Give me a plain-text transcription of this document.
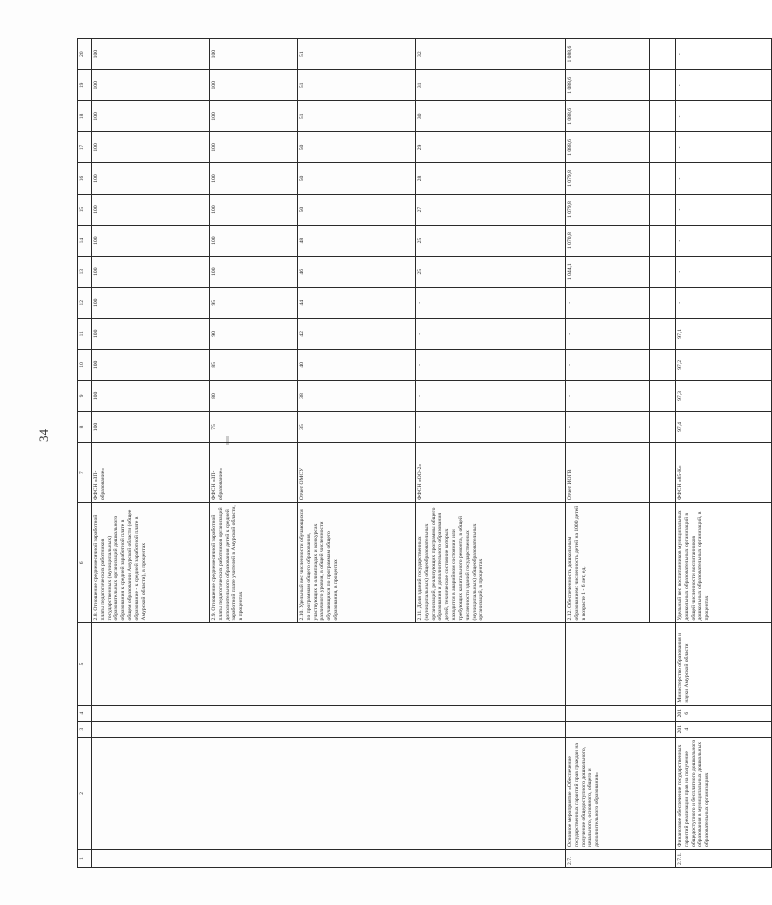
34
1	2	3	4	5	6	7	8	9	10	11	12	13	14	15	16	17	18	19	20
					2.8. Отношение среднемесячной заработной платы педагогических работников государственных (муниципальных) образовательных организаций дошкольного образования к средней заработной плате в общем образовании Амурской области (общее образование - к средней заработной плате в Амурской области), в процентах	ФФСН «ЗП-образование»	100	100	100	100	100	100	100	100	100	100	100	100	100
					2.9. Отношение среднемесячной заработной платы педагогических работников организаций дополнительного образования детей к средней заработной плате учителей в Амурской области, в процентах	ФФСН «ЗП-образование»	75	80	85	90	95	100	100	100	100	100	100	100	100
					2.10. Удельный вес численности обучающихся по программам общего образования, участвующих в олимпиадах и конкурсах различного уровня, в общей численности обучающихся по программам общего образования, в процентах	Отчет ОМСУ	35	38	40	42	44	46	48	50	50	50	51	51	51
					2.11. Доля зданий государственных (муниципальных) общеобразовательных организаций, реализующих программы общего образования и дополнительного образования детей, техническое состояние которых находится в аварийном состоянии или требующих капитального ремонта, в общей численности зданий государственных (муниципальных) общеобразовательных организаций, в процентах	ФФСН «ОО-2»	-	-	-	-	-	25	25	27	28	29	30	31	32
2.7.	Основное мероприятие «Обеспечение государственных гарантий прав граждан на получение общедоступного дошкольного, начального, основного, общего и дополнительного образования»				2.12. Обеспеченность дошкольным образованием: численность детей на 1000 детей в возрасте 1 - 6 лет, ед.	Отчет ИОГВ	-	-	-	-	-	1 044,1	1 070,8	1 079,8	1 079,8	1 088,6	1 088,6	1 088,6	1 088,6

2.7.1.	Финансовое обеспечение государственных гарантий реализации прав на получение общедоступного и бесплатного дошкольного образования в муниципальных дошкольных образовательных организациях	2014	2016	Министерство образования и науки Амурской области	Удельный вес воспитанников муниципальных дошкольных образовательных организаций в общей численности воспитанников дошкольных образовательных организаций, в процентах	ФФСН «85-К»	97,4	97,3	97,2	97,1	-	-	-	-	-	-	-	-	-
